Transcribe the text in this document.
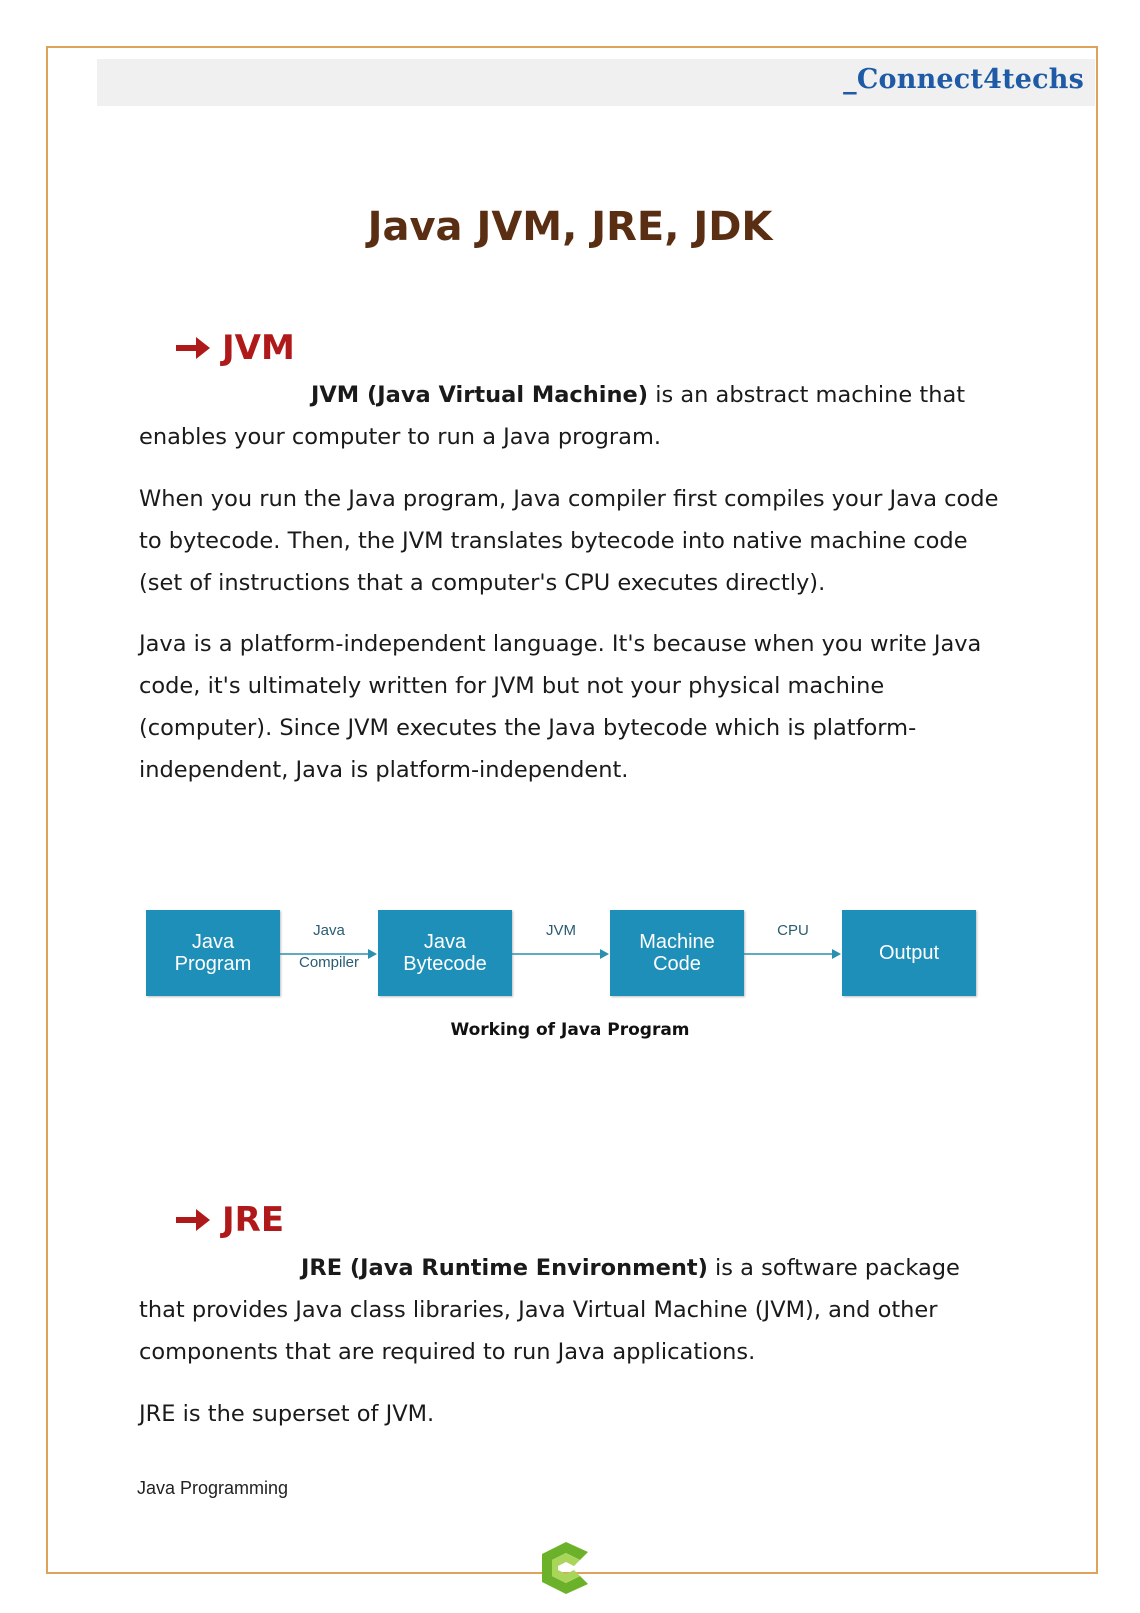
_Connect4techs
Java JVM, JRE, JDK
JVM

JVM (Java Virtual Machine) is an abstract machine that
enables your computer to run a Java program.

When you run the Java program, Java compiler first compiles your Java code to bytecode. Then, the JVM translates bytecode into native machine code (set of instructions that a computer's CPU executes directly).

Java is a platform-independent language. It's because when you write Java code, it's ultimately written for JVM but not your physical machine (computer). Since JVM executes the Java bytecode which is platform-independent, Java is platform-independent.

Java
Program
Java
Compiler
Java
Bytecode
JVM
Machine
Code
CPU
Output
Working of Java Program
JRE

JRE (Java Runtime Environment) is a software package
that provides Java class libraries, Java Virtual Machine (JVM), and other components that are required to run Java applications.

JRE is the superset of JVM.

Java Programming
